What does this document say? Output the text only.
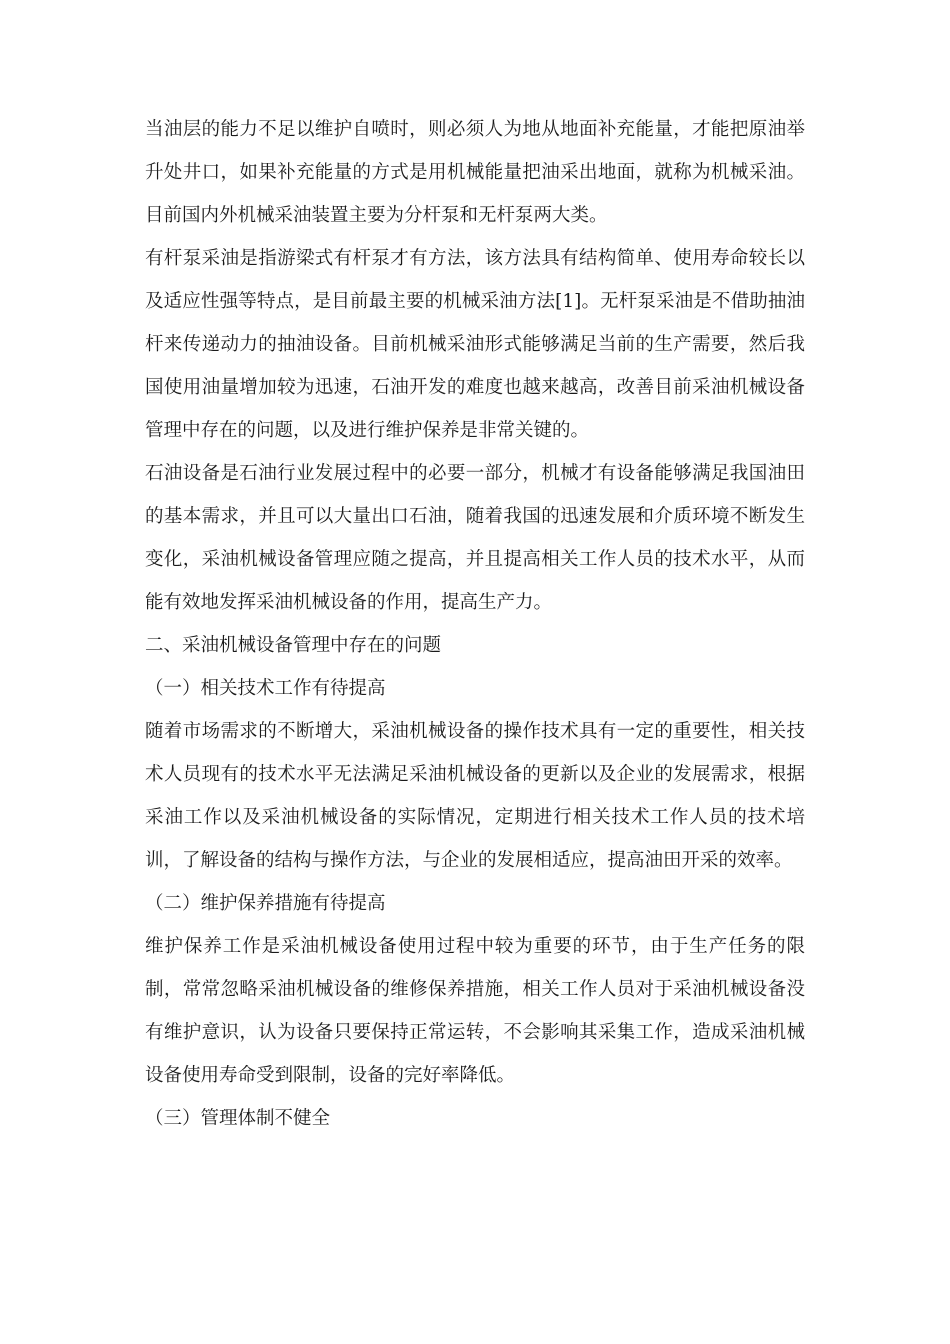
当油层的能力不足以维护自喷时，则必须人为地从地面补充能量，才能把原油举升处井口，如果补充能量的方式是用机械能量把油采出地面，就称为机械采油。目前国内外机械采油装置主要为分杆泵和无杆泵两大类。

有杆泵采油是指游梁式有杆泵才有方法，该方法具有结构简单、使用寿命较长以及适应性强等特点，是目前最主要的机械采油方法[1]。无杆泵采油是不借助抽油杆来传递动力的抽油设备。目前机械采油形式能够满足当前的生产需要，然后我国使用油量增加较为迅速，石油开发的难度也越来越高，改善目前采油机械设备管理中存在的问题，以及进行维护保养是非常关键的。

石油设备是石油行业发展过程中的必要一部分，机械才有设备能够满足我国油田的基本需求，并且可以大量出口石油，随着我国的迅速发展和介质环境不断发生变化，采油机械设备管理应随之提高，并且提高相关工作人员的技术水平，从而能有效地发挥采油机械设备的作用，提高生产力。

二、采油机械设备管理中存在的问题

（一）相关技术工作有待提高

随着市场需求的不断增大，采油机械设备的操作技术具有一定的重要性，相关技术人员现有的技术水平无法满足采油机械设备的更新以及企业的发展需求，根据采油工作以及采油机械设备的实际情况，定期进行相关技术工作人员的技术培训，了解设备的结构与操作方法，与企业的发展相适应，提高油田开采的效率。

（二）维护保养措施有待提高

维护保养工作是采油机械设备使用过程中较为重要的环节，由于生产任务的限制，常常忽略采油机械设备的维修保养措施，相关工作人员对于采油机械设备没有维护意识，认为设备只要保持正常运转，不会影响其采集工作，造成采油机械设备使用寿命受到限制，设备的完好率降低。

（三）管理体制不健全
